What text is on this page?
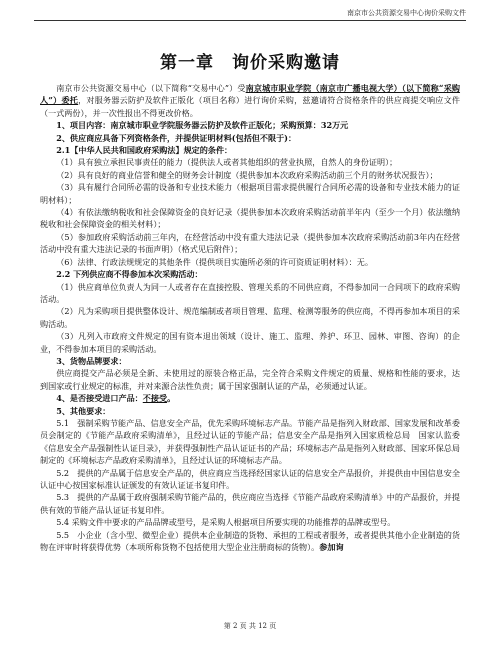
南京市公共资源交易中心询价采购文件
第一章　询价采购邀请

南京市公共资源交易中心（以下简称“交易中心”）受南京城市职业学院（南京市广播电视大学）（以下简称“采购人”）委托，对服务器云防护及软件正版化（项目名称）进行询价采购，兹邀请符合资格条件的供应商提交响应文件（一式两份），并一次性报出不得更改价格。

1、项目内容：南京城市职业学院服务器云防护及软件正版化；采购预算：32万元

2、供应商应具备下列资格条件，并提供证明材料(包括但不限于)：

2.1【中华人民共和国政府采购法】规定的条件：

（1）具有独立承担民事责任的能力（提供法人或者其他组织的营业执照，自然人的身份证明）；

（2）具有良好的商业信誉和健全的财务会计制度（提供参加本次政府采购活动前三个月的财务状况报告）；

（3）具有履行合同所必需的设备和专业技术能力（根据项目需求提供履行合同所必需的设备和专业技术能力的证明材料）；

（4）有依法缴纳税收和社会保障资金的良好记录（提供参加本次政府采购活动前半年内（至少一个月）依法缴纳税收和社会保障资金的相关材料）；

（5）参加政府采购活动前三年内，在经营活动中没有重大违法记录（提供参加本次政府采购活动前3年内在经营活动中没有重大违法记录的书面声明）（格式见后附件）；

（6）法律、行政法规规定的其他条件（提供项目实施所必须的许可资质证明材料）：无。

2.2 下列供应商不得参加本次采购活动：

（1）供应商单位负责人为同一人或者存在直接控股、管理关系的不同供应商，不得参加同一合同项下的政府采购活动。

（2）凡为采购项目提供整体设计、规范编制或者项目管理、监理、检测等服务的供应商，不得再参加本项目的采购活动。

（3）凡列入市政府文件规定的国有资本退出领域（设计、施工、监理、养护、环卫、园林、审图、咨询）的企业，不得参加本项目的采购活动。

3、货物品牌要求：

供应商提交产品必须是全新、未使用过的原装合格正品，完全符合采购文件规定的质量、规格和性能的要求，达到国家或行业规定的标准，并对来源合法性负责；属于国家强制认证的产品，必须通过认证。

4、是否接受进口产品：不接受。

5、其他要求：

5.1　强制采购节能产品、信息安全产品，优先采购环境标志产品。节能产品是指列入财政部、国家发展和改革委员会制定的《节能产品政府采购清单》，且经过认证的节能产品；信息安全产品是指列入国家质检总局　国家认监委《信息安全产品强制性认证目录》，并获得强制性产品认证证书的产品；环境标志产品是指列入财政部、国家环保总局制定的《环境标志产品政府采购清单》，且经过认证的环境标志产品。

5.2　提供的产品属于信息安全产品的，供应商应当选择经国家认证的信息安全产品报价，并提供由中国信息安全认证中心按国家标准认证颁发的有效认证证书复印件。

5.3　提供的产品属于政府强制采购节能产品的，供应商应当选择《节能产品政府采购清单》中的产品报价，并提供有效的节能产品认证证书复印件。

5.4 采购文件中要求的产品品牌或型号，是采购人根据项目所要实现的功能推荐的品牌或型号。

5.5　小企业（含小型、微型企业）提供本企业制造的货物、承担的工程或者服务，或者提供其他小企业制造的货物在评审时将获得优势（本项所称货物不包括使用大型企业注册商标的货物）。参加询

第 2 页 共 12 页
